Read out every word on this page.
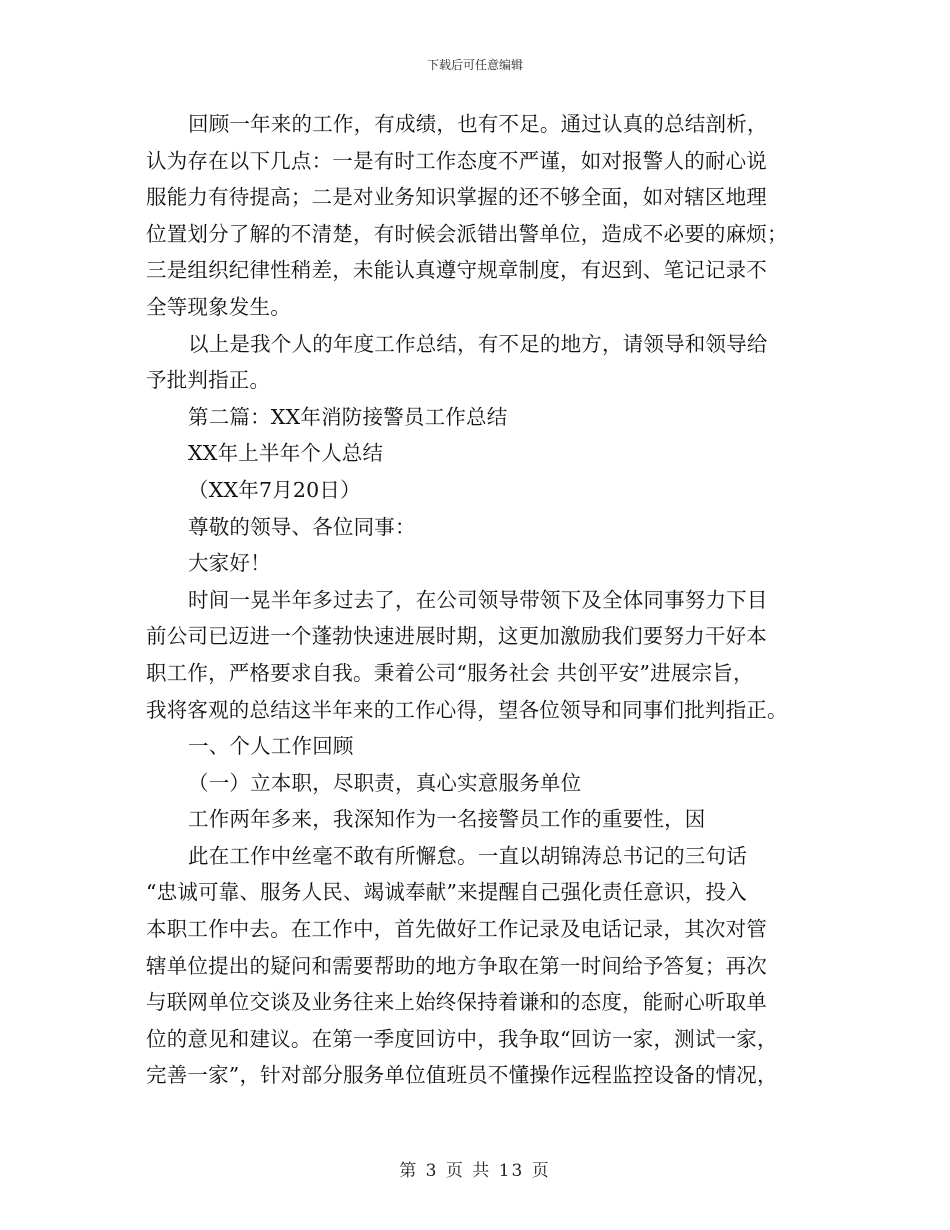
下载后可任意编辑
回顾一年来的工作，有成绩，也有不足。通过认真的总结剖析，
认为存在以下几点：一是有时工作态度不严谨，如对报警人的耐心说
服能力有待提高；二是对业务知识掌握的还不够全面，如对辖区地理
位置划分了解的不清楚，有时候会派错出警单位，造成不必要的麻烦；
三是组织纪律性稍差，未能认真遵守规章制度，有迟到、笔记记录不
全等现象发生。
以上是我个人的年度工作总结，有不足的地方，请领导和领导给
予批判指正。
第二篇：XX年消防接警员工作总结
XX年上半年个人总结
（XX年7月20日）
尊敬的领导、各位同事：
大家好！
时间一晃半年多过去了，在公司领导带领下及全体同事努力下目
前公司已迈进一个蓬勃快速进展时期，这更加激励我们要努力干好本
职工作，严格要求自我。秉着公司“服务社会 共创平安”进展宗旨，
我将客观的总结这半年来的工作心得，望各位领导和同事们批判指正。
一、个人工作回顾
（一）立本职，尽职责，真心实意服务单位
工作两年多来，我深知作为一名接警员工作的重要性，因
此在工作中丝毫不敢有所懈怠。一直以胡锦涛总书记的三句话
“忠诚可靠、服务人民、竭诚奉献”来提醒自己强化责任意识，投入
本职工作中去。在工作中，首先做好工作记录及电话记录，其次对管
辖单位提出的疑问和需要帮助的地方争取在第一时间给予答复；再次
与联网单位交谈及业务往来上始终保持着谦和的态度，能耐心听取单
位的意见和建议。在第一季度回访中，我争取“回访一家，测试一家，
完善一家”，针对部分服务单位值班员不懂操作远程监控设备的情况，
第 3 页 共 13 页
